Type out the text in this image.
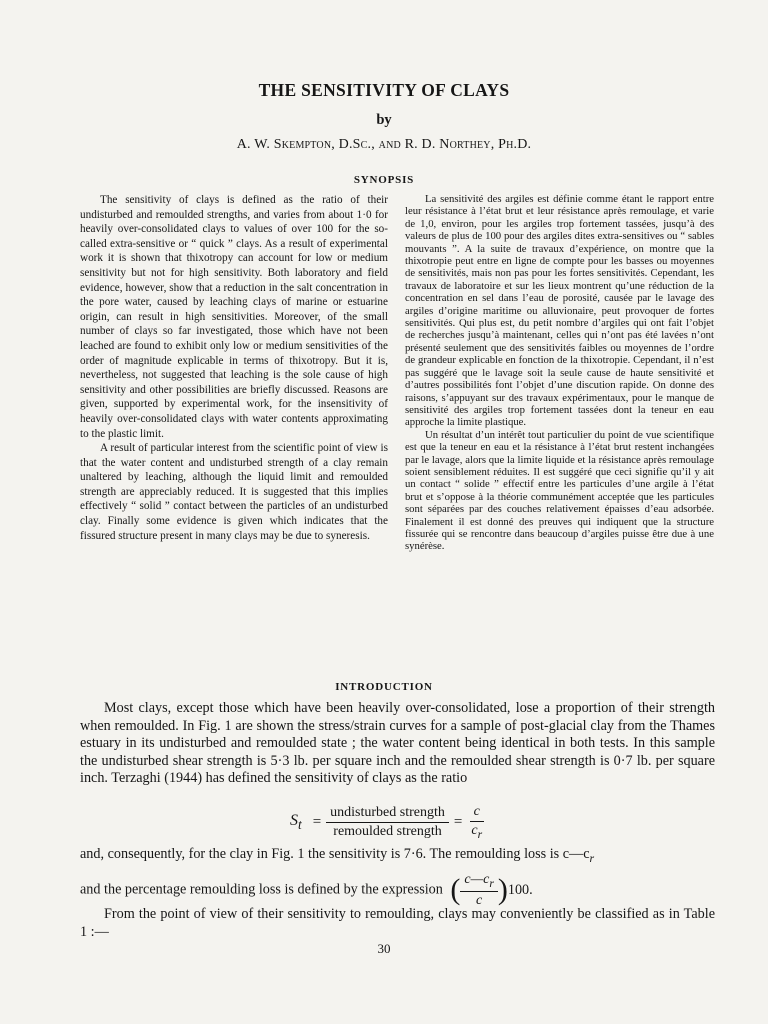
THE SENSITIVITY OF CLAYS
by
A. W. Skempton, D.Sc., and R. D. Northey, Ph.D.
SYNOPSIS

The sensitivity of clays is defined as the ratio of their undisturbed and remoulded strengths, and varies from about 1·0 for heavily over-consolidated clays to values of over 100 for the so-called extra-sensitive or “ quick ” clays. As a result of experimental work it is shown that thixotropy can account for low or medium sensitivity but not for high sensitivity. Both laboratory and field evidence, however, show that a reduction in the salt concentration in the pore water, caused by leaching clays of marine or estuarine origin, can result in high sensitivities. Moreover, of the small number of clays so far investigated, those which have not been leached are found to exhibit only low or medium sensitivities of the order of magnitude explicable in terms of thixotropy. But it is, nevertheless, not suggested that leaching is the sole cause of high sensitivity and other possibilities are briefly discussed. Reasons are given, supported by experimental work, for the insensitivity of heavily over-consolidated clays with water contents approximating to the plastic limit.

A result of particular interest from the scientific point of view is that the water content and undisturbed strength of a clay remain unaltered by leaching, although the liquid limit and remoulded strength are appreciably reduced. It is suggested that this implies effectively “ solid ” contact between the particles of an undisturbed clay. Finally some evidence is given which indicates that the fissured structure present in many clays may be due to syneresis.

La sensitivité des argiles est définie comme étant le rapport entre leur résistance à l’état brut et leur résistance après remoulage, et varie de 1,0, environ, pour les argiles trop fortement tassées, jusqu’à des valeurs de plus de 100 pour des argiles dites extra-sensitives ou “ sables mouvants ”. A la suite de travaux d’expérience, on montre que la thixotropie peut entre en ligne de compte pour les basses ou moyennes de sensitivités, mais non pas pour les fortes sensitivités. Cependant, les travaux de laboratoire et sur les lieux montrent qu’une réduction de la concentration en sel dans l’eau de porosité, causée par le lavage des argiles d’origine maritime ou alluvionaire, peut provoquer de fortes sensitivités. Qui plus est, du petit nombre d’argiles qui ont fait l’objet de recherches jusqu’à maintenant, celles qui n’ont pas été lavées n’ont présenté seulement que des sensitivités faibles ou moyennes de l’ordre de grandeur explicable en fonction de la thixotropie. Cependant, il n’est pas suggéré que le lavage soit la seule cause de haute sensitivité et d’autres possibilités font l’objet d’une discution rapide. On donne des raisons, s’appuyant sur des travaux expérimentaux, pour le manque de sensitivité des argiles trop fortement tassées dont la teneur en eau approche la limite plastique.

Un résultat d’un intérêt tout particulier du point de vue scientifique est que la teneur en eau et la résistance à l’état brut restent inchangées par le lavage, alors que la limite liquide et la résistance après remoulage soient sensiblement réduites. Il est suggéré que ceci signifie qu’il y ait un contact “ solide ” effectif entre les particules d’une argile à l’état brut et s’oppose à la théorie communément acceptée que les particules sont séparées par des couches relativement épaisses d’eau adsorbée. Finalement il est donné des preuves qui indiquent que la structure fissurée qui se rencontre dans beaucoup d’argiles puisse être due à une synérèse.

INTRODUCTION

Most clays, except those which have been heavily over-consolidated, lose a proportion of their strength when remoulded. In Fig. 1 are shown the stress/strain curves for a sample of post-glacial clay from the Thames estuary in its undisturbed and remoulded state ; the water content being identical in both tests. In this sample the undisturbed shear strength is 5·3 lb. per square inch and the remoulded shear strength is 0·7 lb. per square inch. Terzaghi (1944) has defined the sensitivity of clays as the ratio

$S_t = \frac{\text{undisturbed strength}}{\text{remoulded strength}} = \frac{c}{c_r}$
and, consequently, for the clay in Fig. 1 the sensitivity is 7·6. The remoulding loss is $c—c_r$
and the percentage remoulding loss is defined by the expression ( $\frac{c—c_r}{c}$ ) 100.

From the point of view of their sensitivity to remoulding, clays may conveniently be classified as in Table 1 :—

30
